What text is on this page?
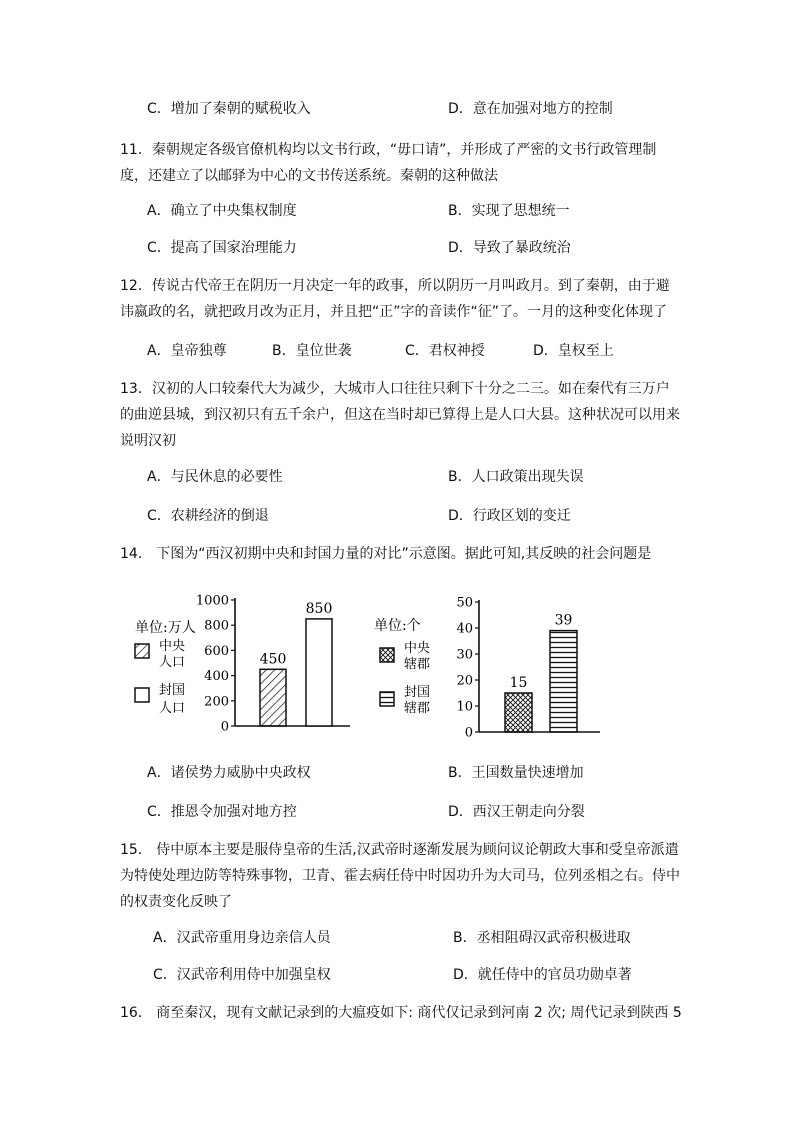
C．增加了秦朝的赋税收入	D．意在加强对地方的控制
11．秦朝规定各级官僚机构均以文书行政，“毋口请”，并形成了严密的文书行政管理制度，还建立了以邮驿为中心的文书传送系统。秦朝的这种做法
A．确立了中央集权制度	B．实现了思想统一
C．提高了国家治理能力	D．导致了暴政统治
12．传说古代帝王在阴历一月决定一年的政事，所以阴历一月叫政月。到了秦朝，由于避讳嬴政的名，就把政月改为正月，并且把“正”字的音读作“征”了。一月的这种变化体现了
A．皇帝独尊	B．皇位世袭	C．君权神授	D．皇权至上
13．汉初的人口较秦代大为减少，大城市人口往往只剩下十分之二三。如在秦代有三万户的曲逆县城，到汉初只有五千余户，但这在当时却已算得上是人口大县。这种状况可以用来说明汉初
A．与民休息的必要性	B．人口政策出现失误
C．农耕经济的倒退	D．行政区划的变迁
14． 下图为“西汉初期中央和封国力量的对比”示意图。据此可知,其反映的社会问题是
单位:万人
中央
人口
封国
人口
0
200
400
600
800
1000
450
850
单位:个
中央
辖郡
封国
辖郡
0
10
20
30
40
50
15
39
A．诸侯势力威胁中央政权	B．王国数量快速增加
C．推恩令加强对地方控	D．西汉王朝走向分裂
15． 侍中原本主要是服侍皇帝的生活,汉武帝时逐渐发展为顾问议论朝政大事和受皇帝派遣为特使处理边防等特殊事物，卫青、霍去病任侍中时因功升为大司马，位列丞相之右。侍中的权责变化反映了
A．汉武帝重用身边亲信人员	B．丞相阻碍汉武帝积极进取
C．汉武帝利用侍中加强皇权	D．就任侍中的官员功勋卓著
16． 商至秦汉，现有文献记录到的大瘟疫如下: 商代仅记录到河南 2 次; 周代记录到陕西 5
